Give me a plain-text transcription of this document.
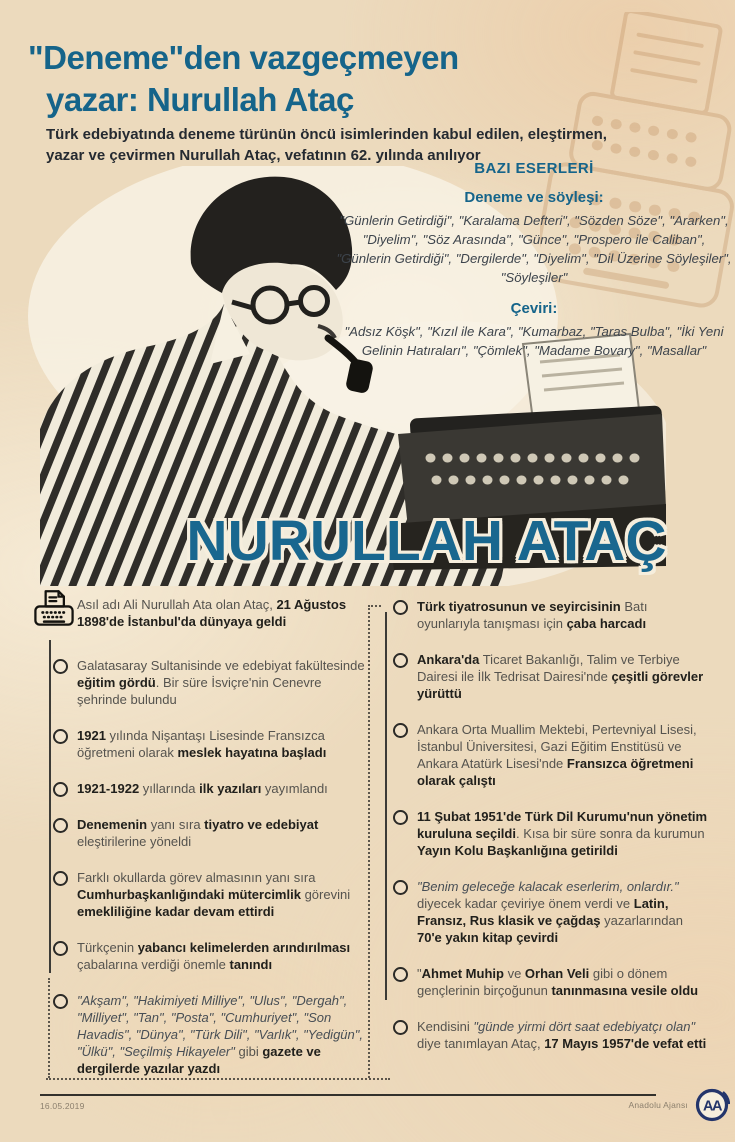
"Deneme"den vazgeçmeyen
yazar: Nurullah Ataç
Türk edebiyatında deneme türünün öncü isimlerinden kabul edilen, eleştirmen,
yazar ve çevirmen Nurullah Ataç, vefatının 62. yılında anılıyor

BAZI ESERLERİ

Deneme ve söyleşi:

"Günlerin Getirdiği", "Karalama Defteri", "Sözden Söze", "Ararken", "Diyelim", "Söz Arasında", "Günce", "Prospero ile Caliban", "Günlerin Getirdiği", "Dergilerde", "Diyelim", "Dil Üzerine Söyleşiler", "Söyleşiler"

Çeviri:

"Adsız Köşk", "Kızıl ile Kara", "Kumarbaz, "Taras Bulba", "İki Yeni Gelinin Hatıraları", "Çömlek", "Madame Bovary", "Masallar"

NURULLAH ATAÇ

Asıl adı Ali Nurullah Ata olan Ataç, 21 Ağustos 1898'de İstanbul'da dünyaya geldi

Galatasaray Sultanisinde ve edebiyat fakültesinde eğitim gördü. Bir süre İsviçre'nin Cenevre şehrinde bulundu

1921 yılında Nişantaşı Lisesinde Fransızca öğretmeni olarak meslek hayatına başladı

1921-1922 yıllarında ilk yazıları yayımlandı

Denemenin yanı sıra tiyatro ve edebiyat eleştirilerine yöneldi

Farklı okullarda görev almasının yanı sıra Cumhurbaşkanlığındaki mütercimlik görevini emekliliğine kadar devam ettirdi

Türkçenin yabancı kelimelerden arındırılması çabalarına verdiği önemle tanındı

"Akşam", "Hakimiyeti Milliye", "Ulus", "Dergah", "Milliyet", "Tan", "Posta", "Cumhuriyet", "Son Havadis", "Dünya", "Türk Dili", "Varlık", "Yedigün", "Ülkü", "Seçilmiş Hikayeler" gibi gazete ve dergilerde yazılar yazdı

Türk tiyatrosunun ve seyircisinin Batı oyunlarıyla tanışması için çaba harcadı

Ankara'da Ticaret Bakanlığı, Talim ve Terbiye Dairesi ile İlk Tedrisat Dairesi'nde çeşitli görevler yürüttü

Ankara Orta Muallim Mektebi, Pertevniyal Lisesi, İstanbul Üniversitesi, Gazi Eğitim Enstitüsü ve Ankara Atatürk Lisesi'nde Fransızca öğretmeni olarak çalıştı

11 Şubat 1951'de Türk Dil Kurumu'nun yönetim kuruluna seçildi. Kısa bir süre sonra da kurumun Yayın Kolu Başkanlığına getirildi

"Benim geleceğe kalacak eserlerim, onlardır." diyecek kadar çeviriye önem verdi ve Latin, Fransız, Rus klasik ve çağdaş yazarlarından 70'e yakın kitap çevirdi

"Ahmet Muhip ve Orhan Veli gibi o dönem gençlerinin birçoğunun tanınmasına vesile oldu

Kendisini "günde yirmi dört saat edebiyatçı olan" diye tanımlayan Ataç, 17 Mayıs 1957'de vefat etti

16.05.2019	Anadolu Ajansı AA
